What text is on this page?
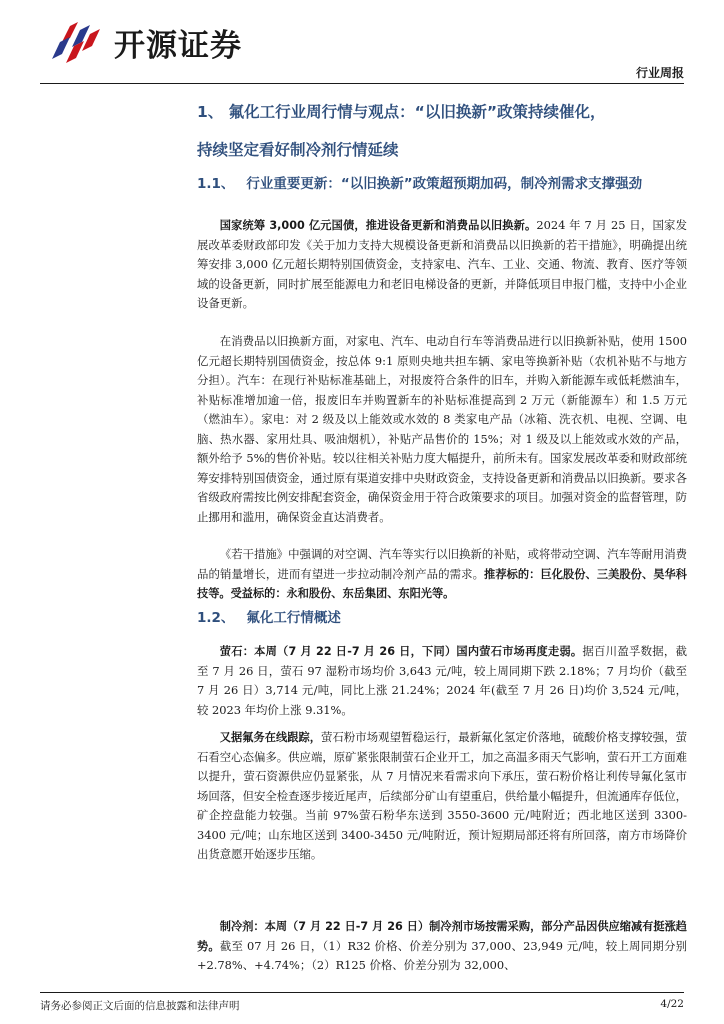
开源证券
行业周报
1、 氟化工行业周行情与观点：“以旧换新”政策持续催化，
持续坚定看好制冷剂行情延续
1.1、 行业重要更新：“以旧换新”政策超预期加码，制冷剂需求支撑强劲
国家统筹 3,000 亿元国债，推进设备更新和消费品以旧换新。2024 年 7 月 25 日，国家发展改革委财政部印发《关于加力支持大规模设备更新和消费品以旧换新的若干措施》，明确提出统筹安排 3,000 亿元超长期特别国债资金，支持家电、汽车、工业、交通、物流、教育、医疗等领域的设备更新，同时扩展至能源电力和老旧电梯设备的更新，并降低项目申报门槛，支持中小企业设备更新。
在消费品以旧换新方面，对家电、汽车、电动自行车等消费品进行以旧换新补贴，使用 1500 亿元超长期特别国债资金，按总体 9:1 原则央地共担车辆、家电等换新补贴（农机补贴不与地方分担）。汽车：在现行补贴标准基础上，对报废符合条件的旧车，并购入新能源车或低耗燃油车，补贴标准增加逾一倍，报废旧车并购置新车的补贴标准提高到 2 万元（新能源车）和 1.5 万元（燃油车）。家电：对 2 级及以上能效或水效的 8 类家电产品（冰箱、洗衣机、电视、空调、电脑、热水器、家用灶具、吸油烟机），补贴产品售价的 15%；对 1 级及以上能效或水效的产品，额外给予 5%的售价补贴。较以往相关补贴力度大幅提升，前所未有。国家发展改革委和财政部统筹安排特别国债资金，通过原有渠道安排中央财政资金，支持设备更新和消费品以旧换新。要求各省级政府需按比例安排配套资金，确保资金用于符合政策要求的项目。加强对资金的监督管理，防止挪用和滥用，确保资金直达消费者。
《若干措施》中强调的对空调、汽车等实行以旧换新的补贴，或将带动空调、汽车等耐用消费品的销量增长，进而有望进一步拉动制冷剂产品的需求。推荐标的：巨化股份、三美股份、昊华科技等。受益标的：永和股份、东岳集团、东阳光等。
1.2、 氟化工行情概述
萤石：本周（7 月 22 日-7 月 26 日，下同）国内萤石市场再度走弱。据百川盈孚数据，截至 7 月 26 日，萤石 97 湿粉市场均价 3,643 元/吨，较上周同期下跌 2.18%；7 月均价（截至 7 月 26 日）3,714 元/吨，同比上涨 21.24%；2024 年(截至 7 月 26 日)均价 3,524 元/吨，较 2023 年均价上涨 9.31%。
又据氟务在线跟踪，萤石粉市场观望暂稳运行，最新氟化氢定价落地，硫酸价格支撑较强，萤石看空心态偏多。供应端，原矿紧张限制萤石企业开工，加之高温多雨天气影响，萤石开工方面难以提升，萤石资源供应仍显紧张，从 7 月情况来看需求向下承压，萤石粉价格让利传导氟化氢市场回落，但安全检查逐步接近尾声，后续部分矿山有望重启，供给量小幅提升，但流通库存低位，矿企控盘能力较强。当前 97%萤石粉华东送到 3550-3600 元/吨附近；西北地区送到 3300-3400 元/吨；山东地区送到 3400-3450 元/吨附近，预计短期局部还将有所回落，南方市场降价出货意愿开始逐步压缩。
制冷剂：本周（7 月 22 日-7 月 26 日）制冷剂市场按需采购，部分产品因供应缩减有挺涨趋势。截至 07 月 26 日，（1）R32 价格、价差分别为 37,000、23,949 元/吨，较上周同期分别+2.78%、+4.74%；（2）R125 价格、价差分别为 32,000、
请务必参阅正文后面的信息披露和法律声明	4/22
